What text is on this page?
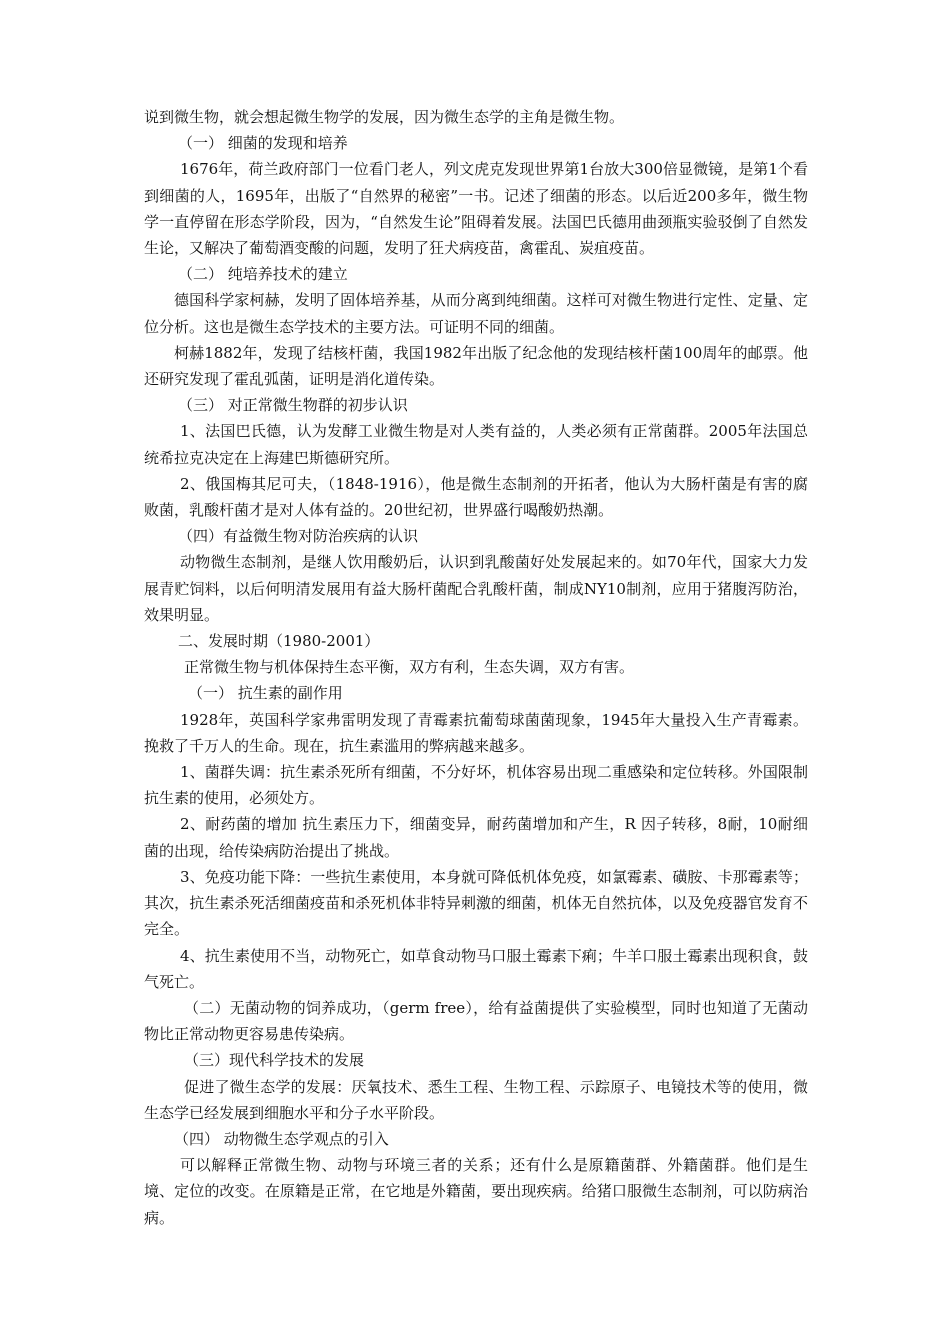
说到微生物，就会想起微生物学的发展，因为微生态学的主角是微生物。

（一） 细菌的发现和培养

1676年，荷兰政府部门一位看门老人，列文虎克发现世界第1台放大300倍显微镜，是第1个看到细菌的人，1695年，出版了“自然界的秘密”一书。记述了细菌的形态。以后近200多年，微生物学一直停留在形态学阶段，因为，“自然发生论”阻碍着发展。法国巴氏德用曲颈瓶实验驳倒了自然发生论，又解决了葡萄酒变酸的问题，发明了狂犬病疫苗，禽霍乱、炭疽疫苗。

（二） 纯培养技术的建立

德国科学家柯赫，发明了固体培养基，从而分离到纯细菌。这样可对微生物进行定性、定量、定位分析。这也是微生态学技术的主要方法。可证明不同的细菌。

柯赫1882年，发现了结核杆菌，我国1982年出版了纪念他的发现结核杆菌100周年的邮票。他还研究发现了霍乱弧菌，证明是消化道传染。

（三） 对正常微生物群的初步认识

1、法国巴氏德，认为发酵工业微生物是对人类有益的，人类必须有正常菌群。2005年法国总统希拉克决定在上海建巴斯德研究所。

2、俄国梅其尼可夫，（1848-1916），他是微生态制剂的开拓者，他认为大肠杆菌是有害的腐败菌，乳酸杆菌才是对人体有益的。20世纪初，世界盛行喝酸奶热潮。

（四）有益微生物对防治疾病的认识

动物微生态制剂，是继人饮用酸奶后，认识到乳酸菌好处发展起来的。如70年代，国家大力发展青贮饲料，以后何明清发展用有益大肠杆菌配合乳酸杆菌，制成NY10制剂，应用于猪腹泻防治，效果明显。

二、发展时期（1980-2001）

正常微生物与机体保持生态平衡，双方有利，生态失调，双方有害。

（一） 抗生素的副作用

1928年，英国科学家弗雷明发现了青霉素抗葡萄球菌菌现象，1945年大量投入生产青霉素。挽救了千万人的生命。现在，抗生素滥用的弊病越来越多。

1、菌群失调：抗生素杀死所有细菌，不分好坏，机体容易出现二重感染和定位转移。外国限制抗生素的使用，必须处方。

2、耐药菌的增加 抗生素压力下，细菌变异，耐药菌增加和产生，R 因子转移，8耐，10耐细菌的出现，给传染病防治提出了挑战。

3、免疫功能下降：一些抗生素使用，本身就可降低机体免疫，如氯霉素、磺胺、卡那霉素等；其次，抗生素杀死活细菌疫苗和杀死机体非特异刺激的细菌，机体无自然抗体，以及免疫器官发育不完全。

4、抗生素使用不当，动物死亡，如草食动物马口服土霉素下痢；牛羊口服土霉素出现积食，鼓气死亡。

（二）无菌动物的饲养成功，（germ free），给有益菌提供了实验模型，同时也知道了无菌动物比正常动物更容易患传染病。

（三）现代科学技术的发展

促进了微生态学的发展：厌氧技术、悉生工程、生物工程、示踪原子、电镜技术等的使用，微生态学已经发展到细胞水平和分子水平阶段。

（四） 动物微生态学观点的引入

可以解释正常微生物、动物与环境三者的关系；还有什么是原籍菌群、外籍菌群。他们是生境、定位的改变。在原籍是正常，在它地是外籍菌，要出现疾病。给猪口服微生态制剂，可以防病治病。
